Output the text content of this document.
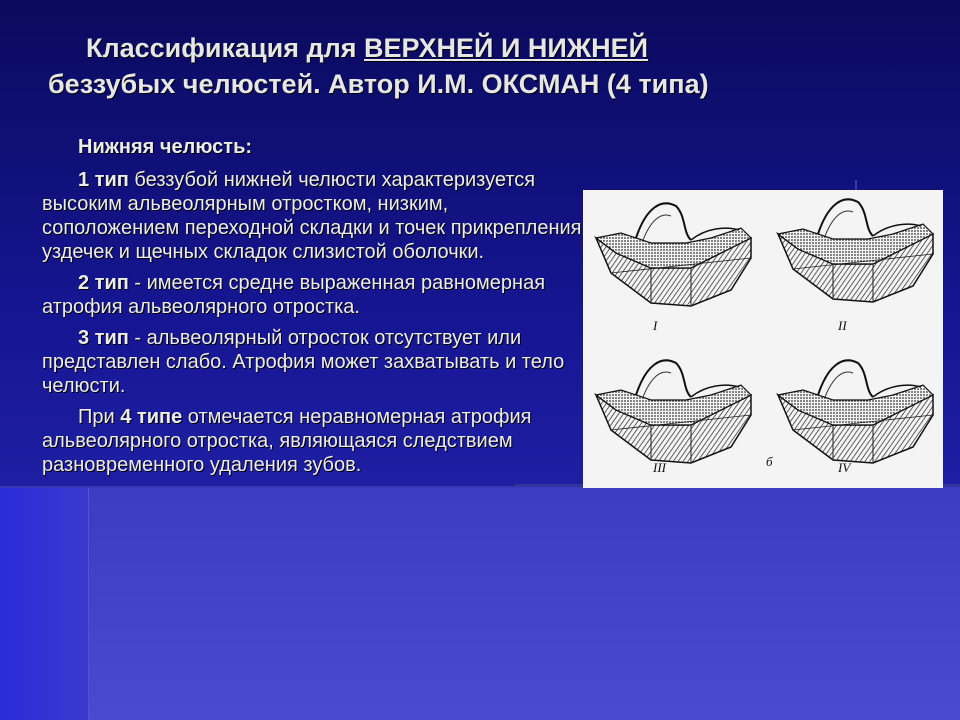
Классификация для ВЕРХНЕЙ И НИЖНЕЙ
беззубых челюстей. Автор И.М. ОКСМАН (4 типа)

Нижняя челюсть:

1 тип беззубой нижней челюсти характеризуется высоким альвеолярным отростком, низким, соположением переходной складки и точек прикрепления уздечек и щечных складок слизистой оболочки.

2 тип - имеется средне выраженная равномерная атрофия альвеолярного отростка.

3 тип - альвеолярный отросток отсутствует или представлен слабо. Атрофия может захватывать и тело челюсти.

При 4 типе отмечается неравномерная атрофия альвеолярного отростка, являющаяся следствием разновременного удаления зубов.

I	II
III	б	IV
